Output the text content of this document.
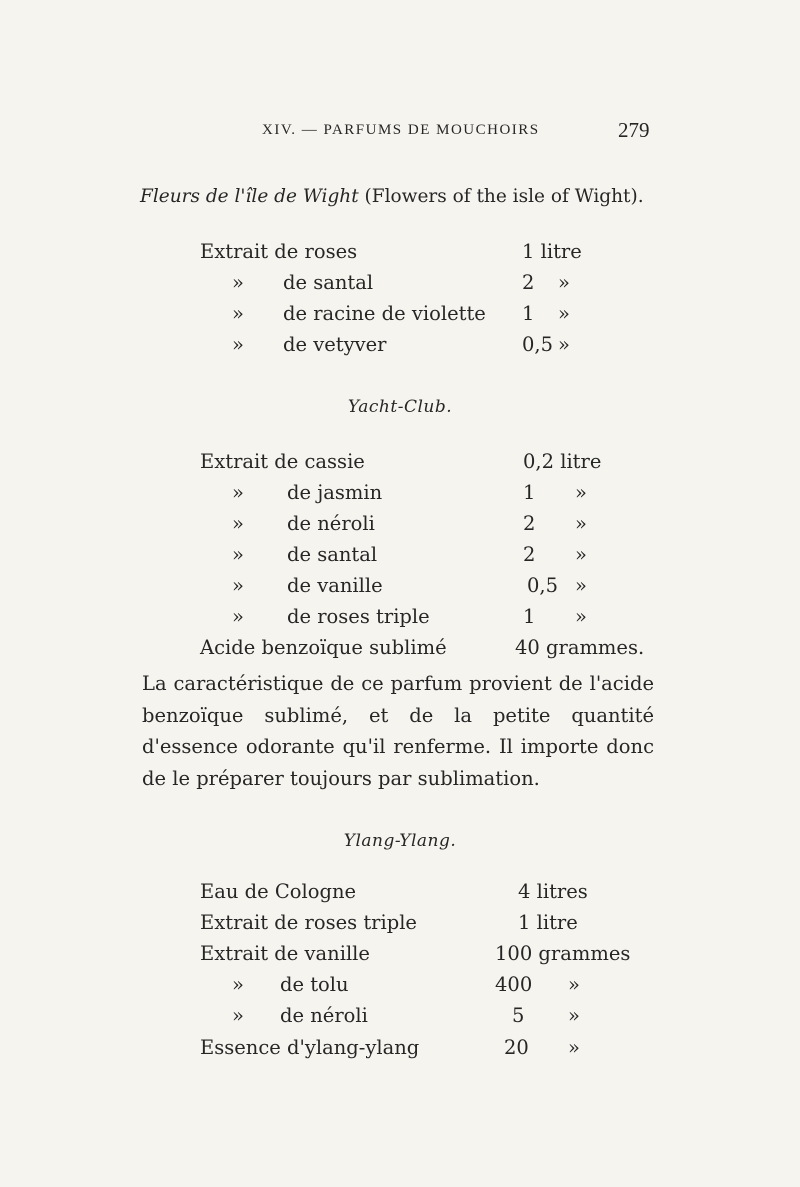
XIV. — PARFUMS DE MOUCHOIRS	279
Fleurs de l'île de Wight (Flowers of the isle of Wight).
Extrait de roses	1 litre
» de santal	2 »
» de racine de violette 1 »
» de vetyver	0,5 »
Yacht-Club.
Extrait de cassie	0,2 litre
» de jasmin	1 »
» de néroli	2 »
» de santal	2 »
» de vanille	0,5 »
» de roses triple	1 »
Acide benzoïque sublimé	40 grammes.
La caractéristique de ce parfum provient de l'acide benzoïque sublimé, et de la petite quantité d'essence odorante qu'il renferme. Il importe donc de le préparer toujours par sublimation.
Ylang-Ylang.
Eau de Cologne	4 litres
Extrait de roses triple	1 litre
Extrait de vanille	100 grammes
» de tolu	400 »
» de néroli	5 »
Essence d'ylang-ylang	20 »
